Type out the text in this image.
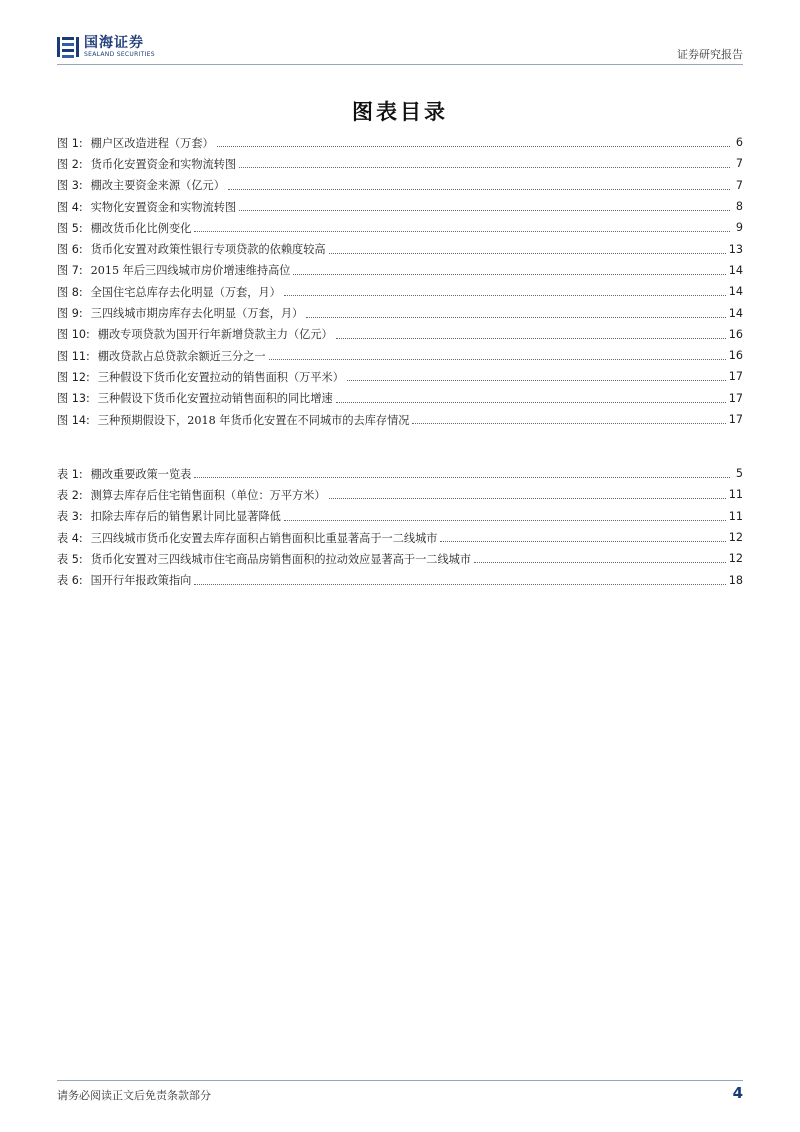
国海证券
SEALAND SECURITIES	证券研究报告
图表目录
图 1: 棚户区改造进程（万套）	6
图 2: 货币化安置资金和实物流转图	7
图 3: 棚改主要资金来源（亿元）	7
图 4: 实物化安置资金和实物流转图	8
图 5: 棚改货币化比例变化	9
图 6: 货币化安置对政策性银行专项贷款的依赖度较高	13
图 7: 2015 年后三四线城市房价增速维持高位	14
图 8: 全国住宅总库存去化明显（万套，月）	14
图 9: 三四线城市期房库存去化明显（万套，月）	14
图 10: 棚改专项贷款为国开行年新增贷款主力（亿元）	16
图 11: 棚改贷款占总贷款余额近三分之一	16
图 12: 三种假设下货币化安置拉动的销售面积（万平米）	17
图 13: 三种假设下货币化安置拉动销售面积的同比增速	17
图 14: 三种预期假设下，2018 年货币化安置在不同城市的去库存情况	17
表 1: 棚改重要政策一览表	5
表 2: 测算去库存后住宅销售面积（单位：万平方米）	11
表 3: 扣除去库存后的销售累计同比显著降低	11
表 4: 三四线城市货币化安置去库存面积占销售面积比重显著高于一二线城市	12
表 5: 货币化安置对三四线城市住宅商品房销售面积的拉动效应显著高于一二线城市	12
表 6: 国开行年报政策指向	18
请务必阅读正文后免责条款部分	4
